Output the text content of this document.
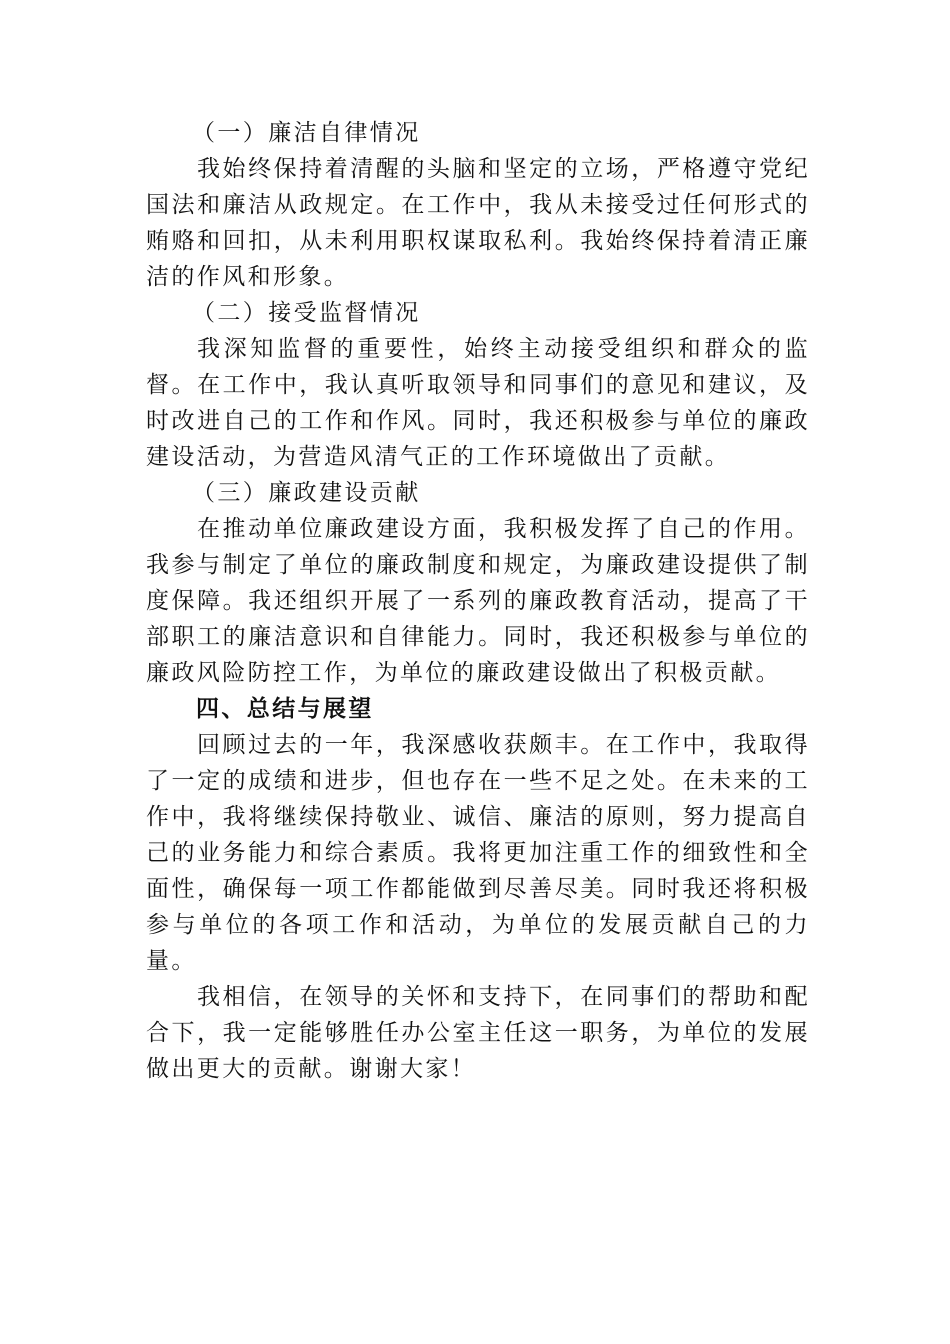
（一）廉洁自律情况

我始终保持着清醒的头脑和坚定的立场，严格遵守党纪国法和廉洁从政规定。在工作中，我从未接受过任何形式的贿赂和回扣，从未利用职权谋取私利。我始终保持着清正廉洁的作风和形象。

（二）接受监督情况

我深知监督的重要性，始终主动接受组织和群众的监督。在工作中，我认真听取领导和同事们的意见和建议，及时改进自己的工作和作风。同时，我还积极参与单位的廉政建设活动，为营造风清气正的工作环境做出了贡献。

（三）廉政建设贡献

在推动单位廉政建设方面，我积极发挥了自己的作用。我参与制定了单位的廉政制度和规定，为廉政建设提供了制度保障。我还组织开展了一系列的廉政教育活动，提高了干部职工的廉洁意识和自律能力。同时，我还积极参与单位的廉政风险防控工作，为单位的廉政建设做出了积极贡献。

四、总结与展望

回顾过去的一年，我深感收获颇丰。在工作中，我取得了一定的成绩和进步，但也存在一些不足之处。在未来的工作中，我将继续保持敬业、诚信、廉洁的原则，努力提高自己的业务能力和综合素质。我将更加注重工作的细致性和全面性，确保每一项工作都能做到尽善尽美。同时我还将积极参与单位的各项工作和活动，为单位的发展贡献自己的力量。

我相信，在领导的关怀和支持下，在同事们的帮助和配合下，我一定能够胜任办公室主任这一职务，为单位的发展做出更大的贡献。谢谢大家！
